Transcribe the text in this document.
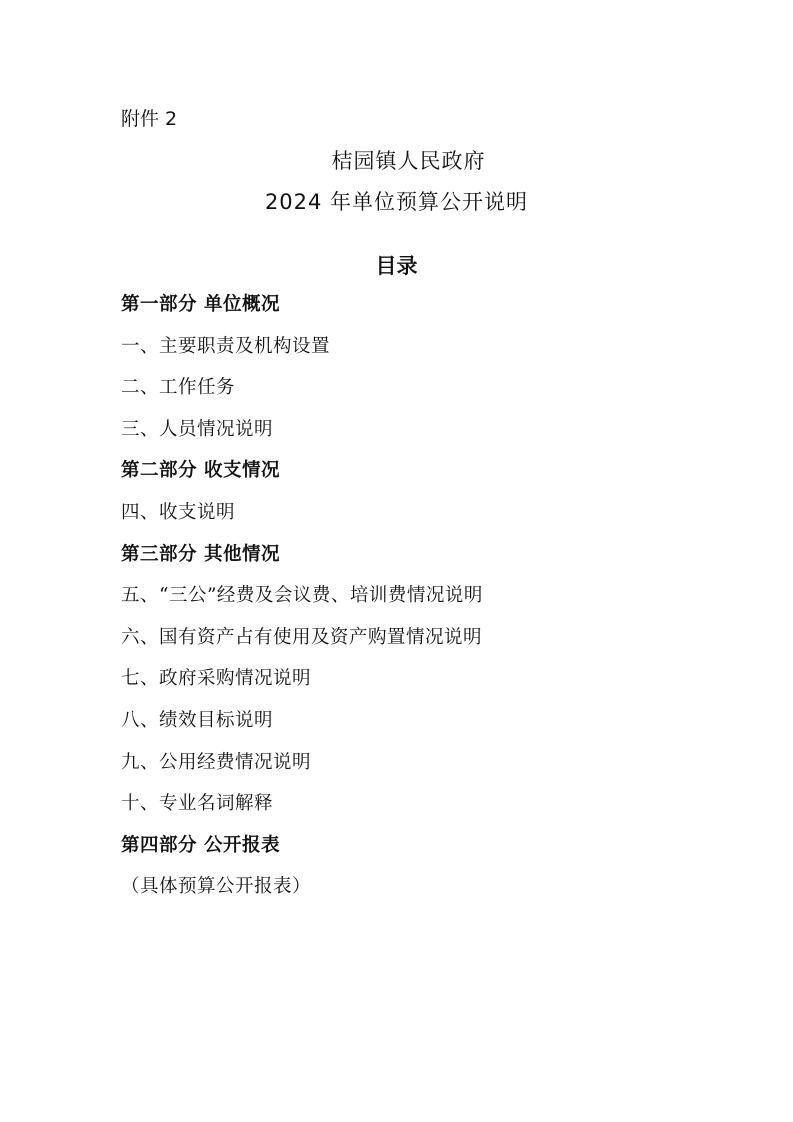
附件 2
桔园镇人民政府
2024 年单位预算公开说明
目录
第一部分 单位概况
一、主要职责及机构设置
二、工作任务
三、人员情况说明
第二部分 收支情况
四、收支说明
第三部分 其他情况
五、“三公”经费及会议费、培训费情况说明
六、国有资产占有使用及资产购置情况说明
七、政府采购情况说明
八、绩效目标说明
九、公用经费情况说明
十、专业名词解释
第四部分 公开报表
（具体预算公开报表）
